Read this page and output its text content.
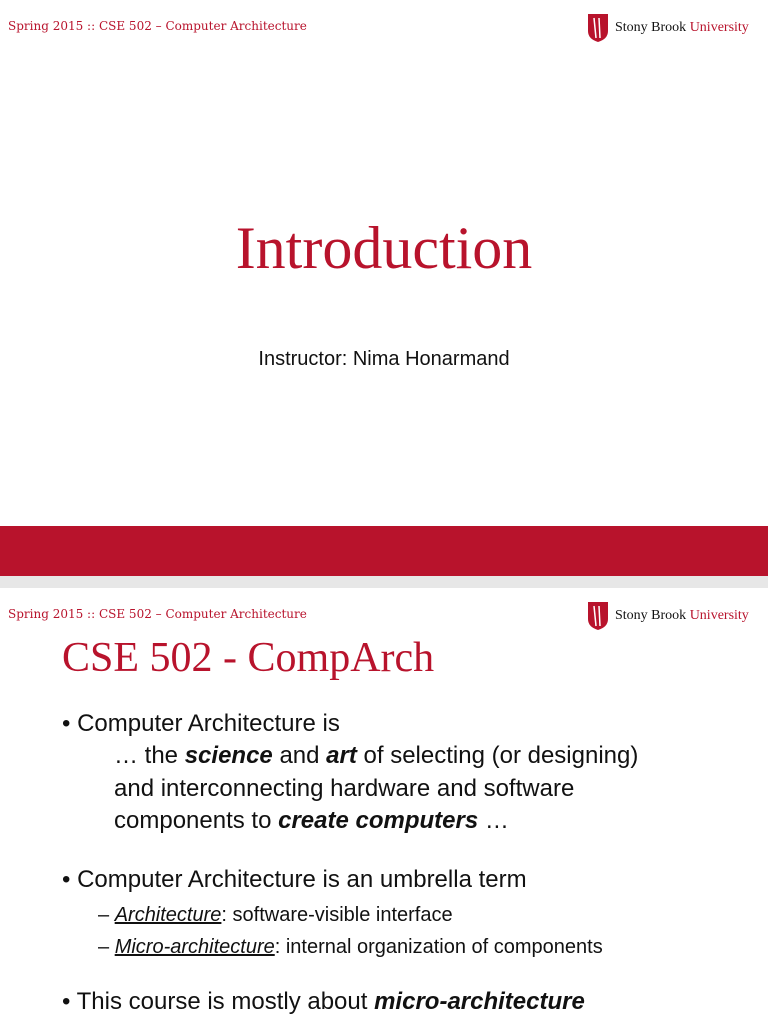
Spring 2015 :: CSE 502 – Computer Architecture	Stony Brook University
Introduction
Instructor: Nima Honarmand
Spring 2015 :: CSE 502 – Computer Architecture	Stony Brook University
CSE 502 - CompArch
• Computer Architecture is
… the science and art of selecting (or designing)
and interconnecting hardware and software
components to create computers …
• Computer Architecture is an umbrella term
– Architecture: software-visible interface
– Micro-architecture: internal organization of components
• This course is mostly about micro-architecture
